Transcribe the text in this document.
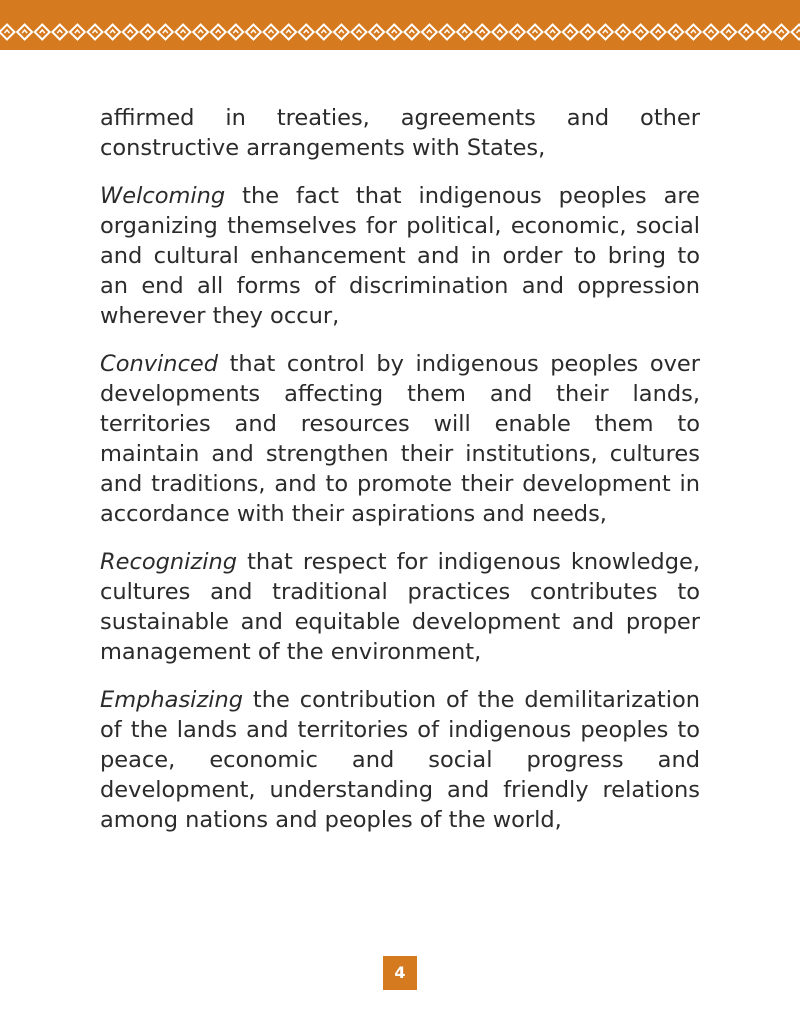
affirmed in treaties, agreements and other constructive arrangements with States,

Welcoming the fact that indigenous peoples are organizing themselves for political, economic, social and cultural enhancement and in order to bring to an end all forms of discrimination and oppression wherever they occur,

Convinced that control by indigenous peoples over developments affecting them and their lands, territories and resources will enable them to maintain and strengthen their institutions, cultures and traditions, and to promote their development in accordance with their aspirations and needs,

Recognizing that respect for indigenous knowledge, cultures and traditional practices contributes to sustainable and equitable development and proper management of the environment,

Emphasizing the contribution of the demilitarization of the lands and territories of indigenous peoples to peace, economic and social progress and development, understanding and friendly relations among nations and peoples of the world,

4
